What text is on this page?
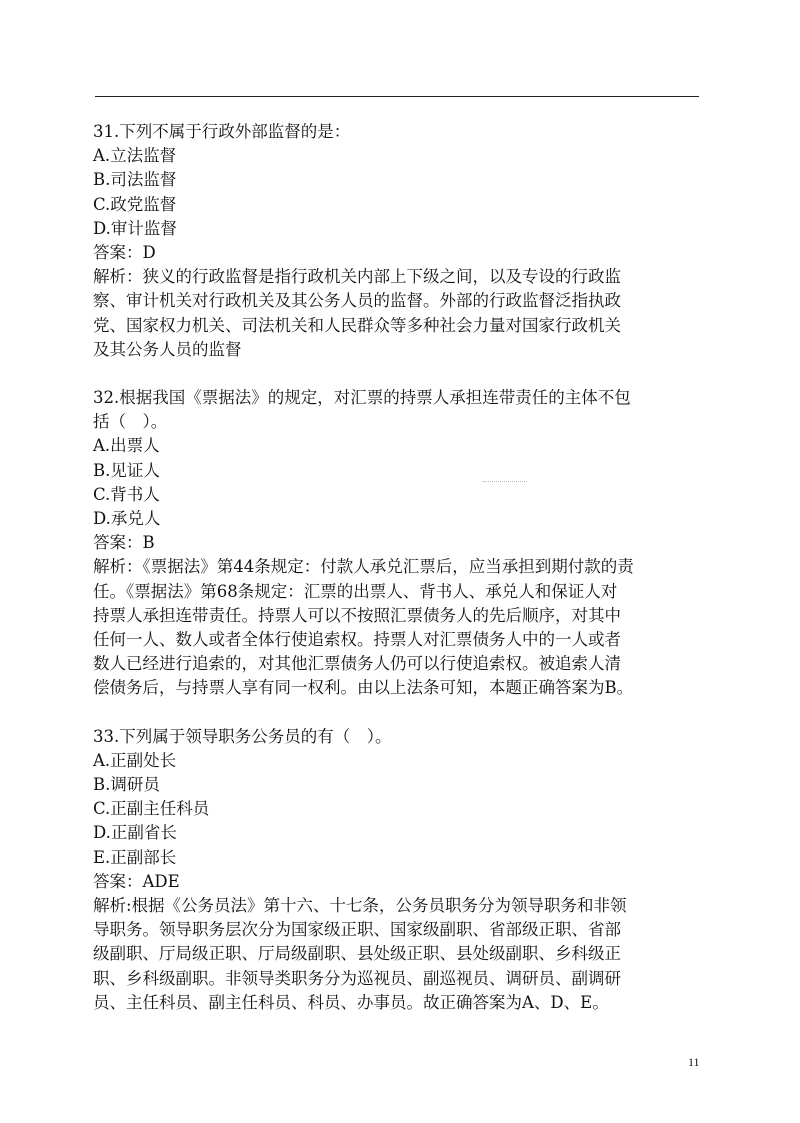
31.下列不属于行政外部监督的是：
A.立法监督
B.司法监督
C.政党监督
D.审计监督
答案：D
解析：狭义的行政监督是指行政机关内部上下级之间，以及专设的行政监
察、审计机关对行政机关及其公务人员的监督。外部的行政监督泛指执政
党、国家权力机关、司法机关和人民群众等多种社会力量对国家行政机关
及其公务人员的监督
32.根据我国《票据法》的规定，对汇票的持票人承担连带责任的主体不包
括（　）。
A.出票人
B.见证人
C.背书人
D.承兑人
答案：B
解析：《票据法》第44条规定：付款人承兑汇票后，应当承担到期付款的责
任。《票据法》第68条规定：汇票的出票人、背书人、承兑人和保证人对
持票人承担连带责任。持票人可以不按照汇票债务人的先后顺序，对其中
任何一人、数人或者全体行使追索权。持票人对汇票债务人中的一人或者
数人已经进行追索的，对其他汇票债务人仍可以行使追索权。被追索人清
偿债务后，与持票人享有同一权利。由以上法条可知，本题正确答案为B。
33.下列属于领导职务公务员的有（　）。
A.正副处长
B.调研员
C.正副主任科员
D.正副省长
E.正副部长
答案：ADE
解析:根据《公务员法》第十六、十七条，公务员职务分为领导职务和非领
导职务。领导职务层次分为国家级正职、国家级副职、省部级正职、省部
级副职、厅局级正职、厅局级副职、县处级正职、县处级副职、乡科级正
职、乡科级副职。非领导类职务分为巡视员、副巡视员、调研员、副调研
员、主任科员、副主任科员、科员、办事员。故正确答案为A、D、E。
11
